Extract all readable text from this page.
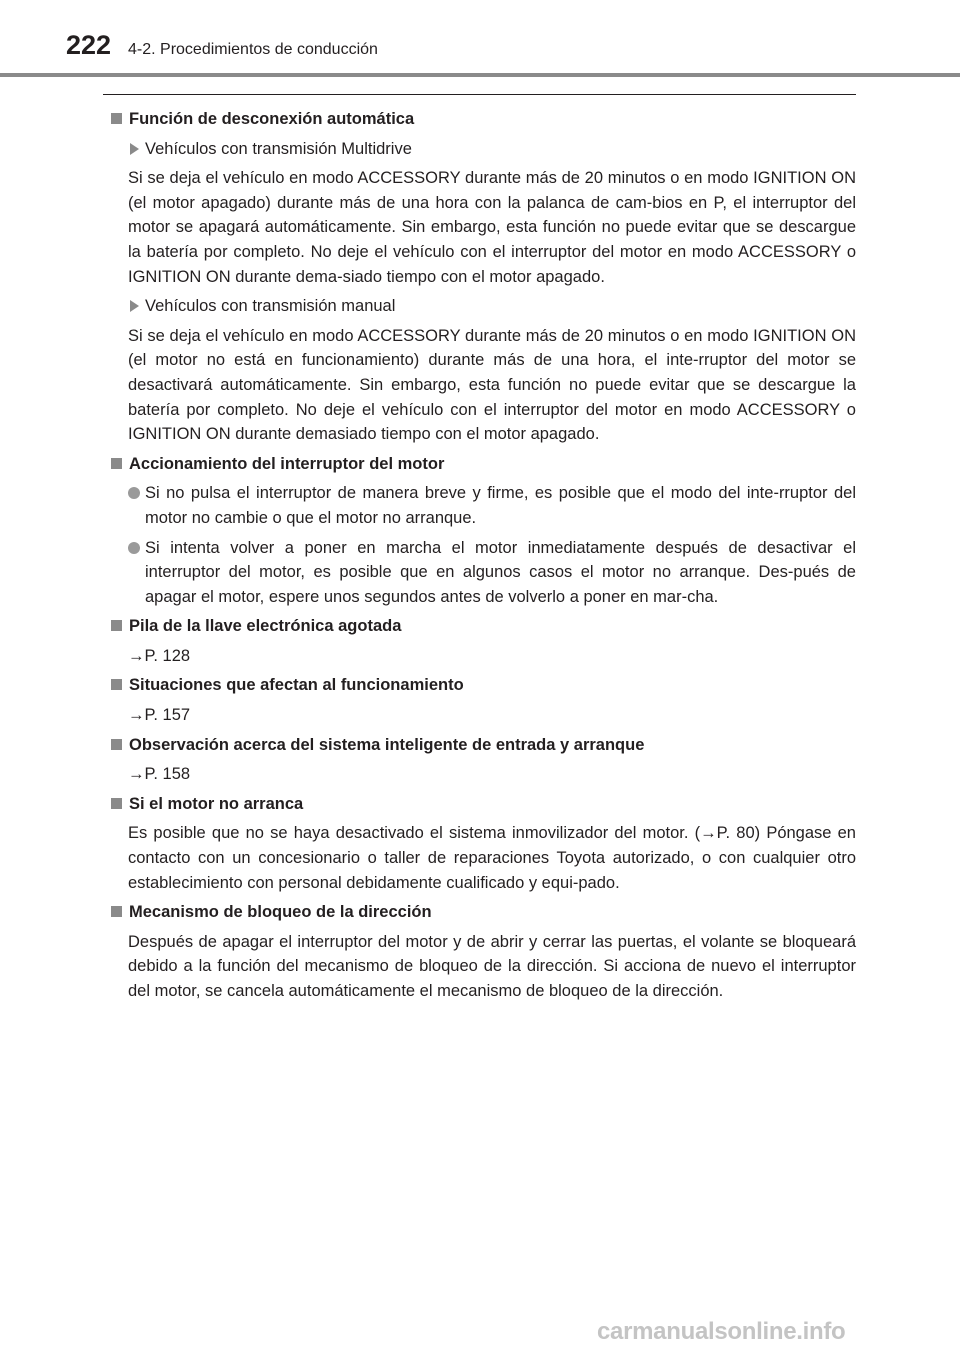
222 4-2. Procedimientos de conducción
Función de desconexión automática
Vehículos con transmisión Multidrive
Si se deja el vehículo en modo ACCESSORY durante más de 20 minutos o en modo IGNITION ON (el motor apagado) durante más de una hora con la palanca de cam-bios en P, el interruptor del motor se apagará automáticamente. Sin embargo, esta función no puede evitar que se descargue la batería por completo. No deje el vehículo con el interruptor del motor en modo ACCESSORY o IGNITION ON durante dema-siado tiempo con el motor apagado.
Vehículos con transmisión manual
Si se deja el vehículo en modo ACCESSORY durante más de 20 minutos o en modo IGNITION ON (el motor no está en funcionamiento) durante más de una hora, el inte-rruptor del motor se desactivará automáticamente. Sin embargo, esta función no puede evitar que se descargue la batería por completo. No deje el vehículo con el interruptor del motor en modo ACCESSORY o IGNITION ON durante demasiado tiempo con el motor apagado.
Accionamiento del interruptor del motor
Si no pulsa el interruptor de manera breve y firme, es posible que el modo del inte-rruptor del motor no cambie o que el motor no arranque.
Si intenta volver a poner en marcha el motor inmediatamente después de desactivar el interruptor del motor, es posible que en algunos casos el motor no arranque. Des-pués de apagar el motor, espere unos segundos antes de volverlo a poner en mar-cha.
Pila de la llave electrónica agotada
→P. 128
Situaciones que afectan al funcionamiento
→P. 157
Observación acerca del sistema inteligente de entrada y arranque
→P. 158
Si el motor no arranca
Es posible que no se haya desactivado el sistema inmovilizador del motor. (→P. 80) Póngase en contacto con un concesionario o taller de reparaciones Toyota autorizado, o con cualquier otro establecimiento con personal debidamente cualificado y equi-pado.
Mecanismo de bloqueo de la dirección
Después de apagar el interruptor del motor y de abrir y cerrar las puertas, el volante se bloqueará debido a la función del mecanismo de bloqueo de la dirección. Si acciona de nuevo el interruptor del motor, se cancela automáticamente el mecanismo de bloqueo de la dirección.
carmanualsonline.info
